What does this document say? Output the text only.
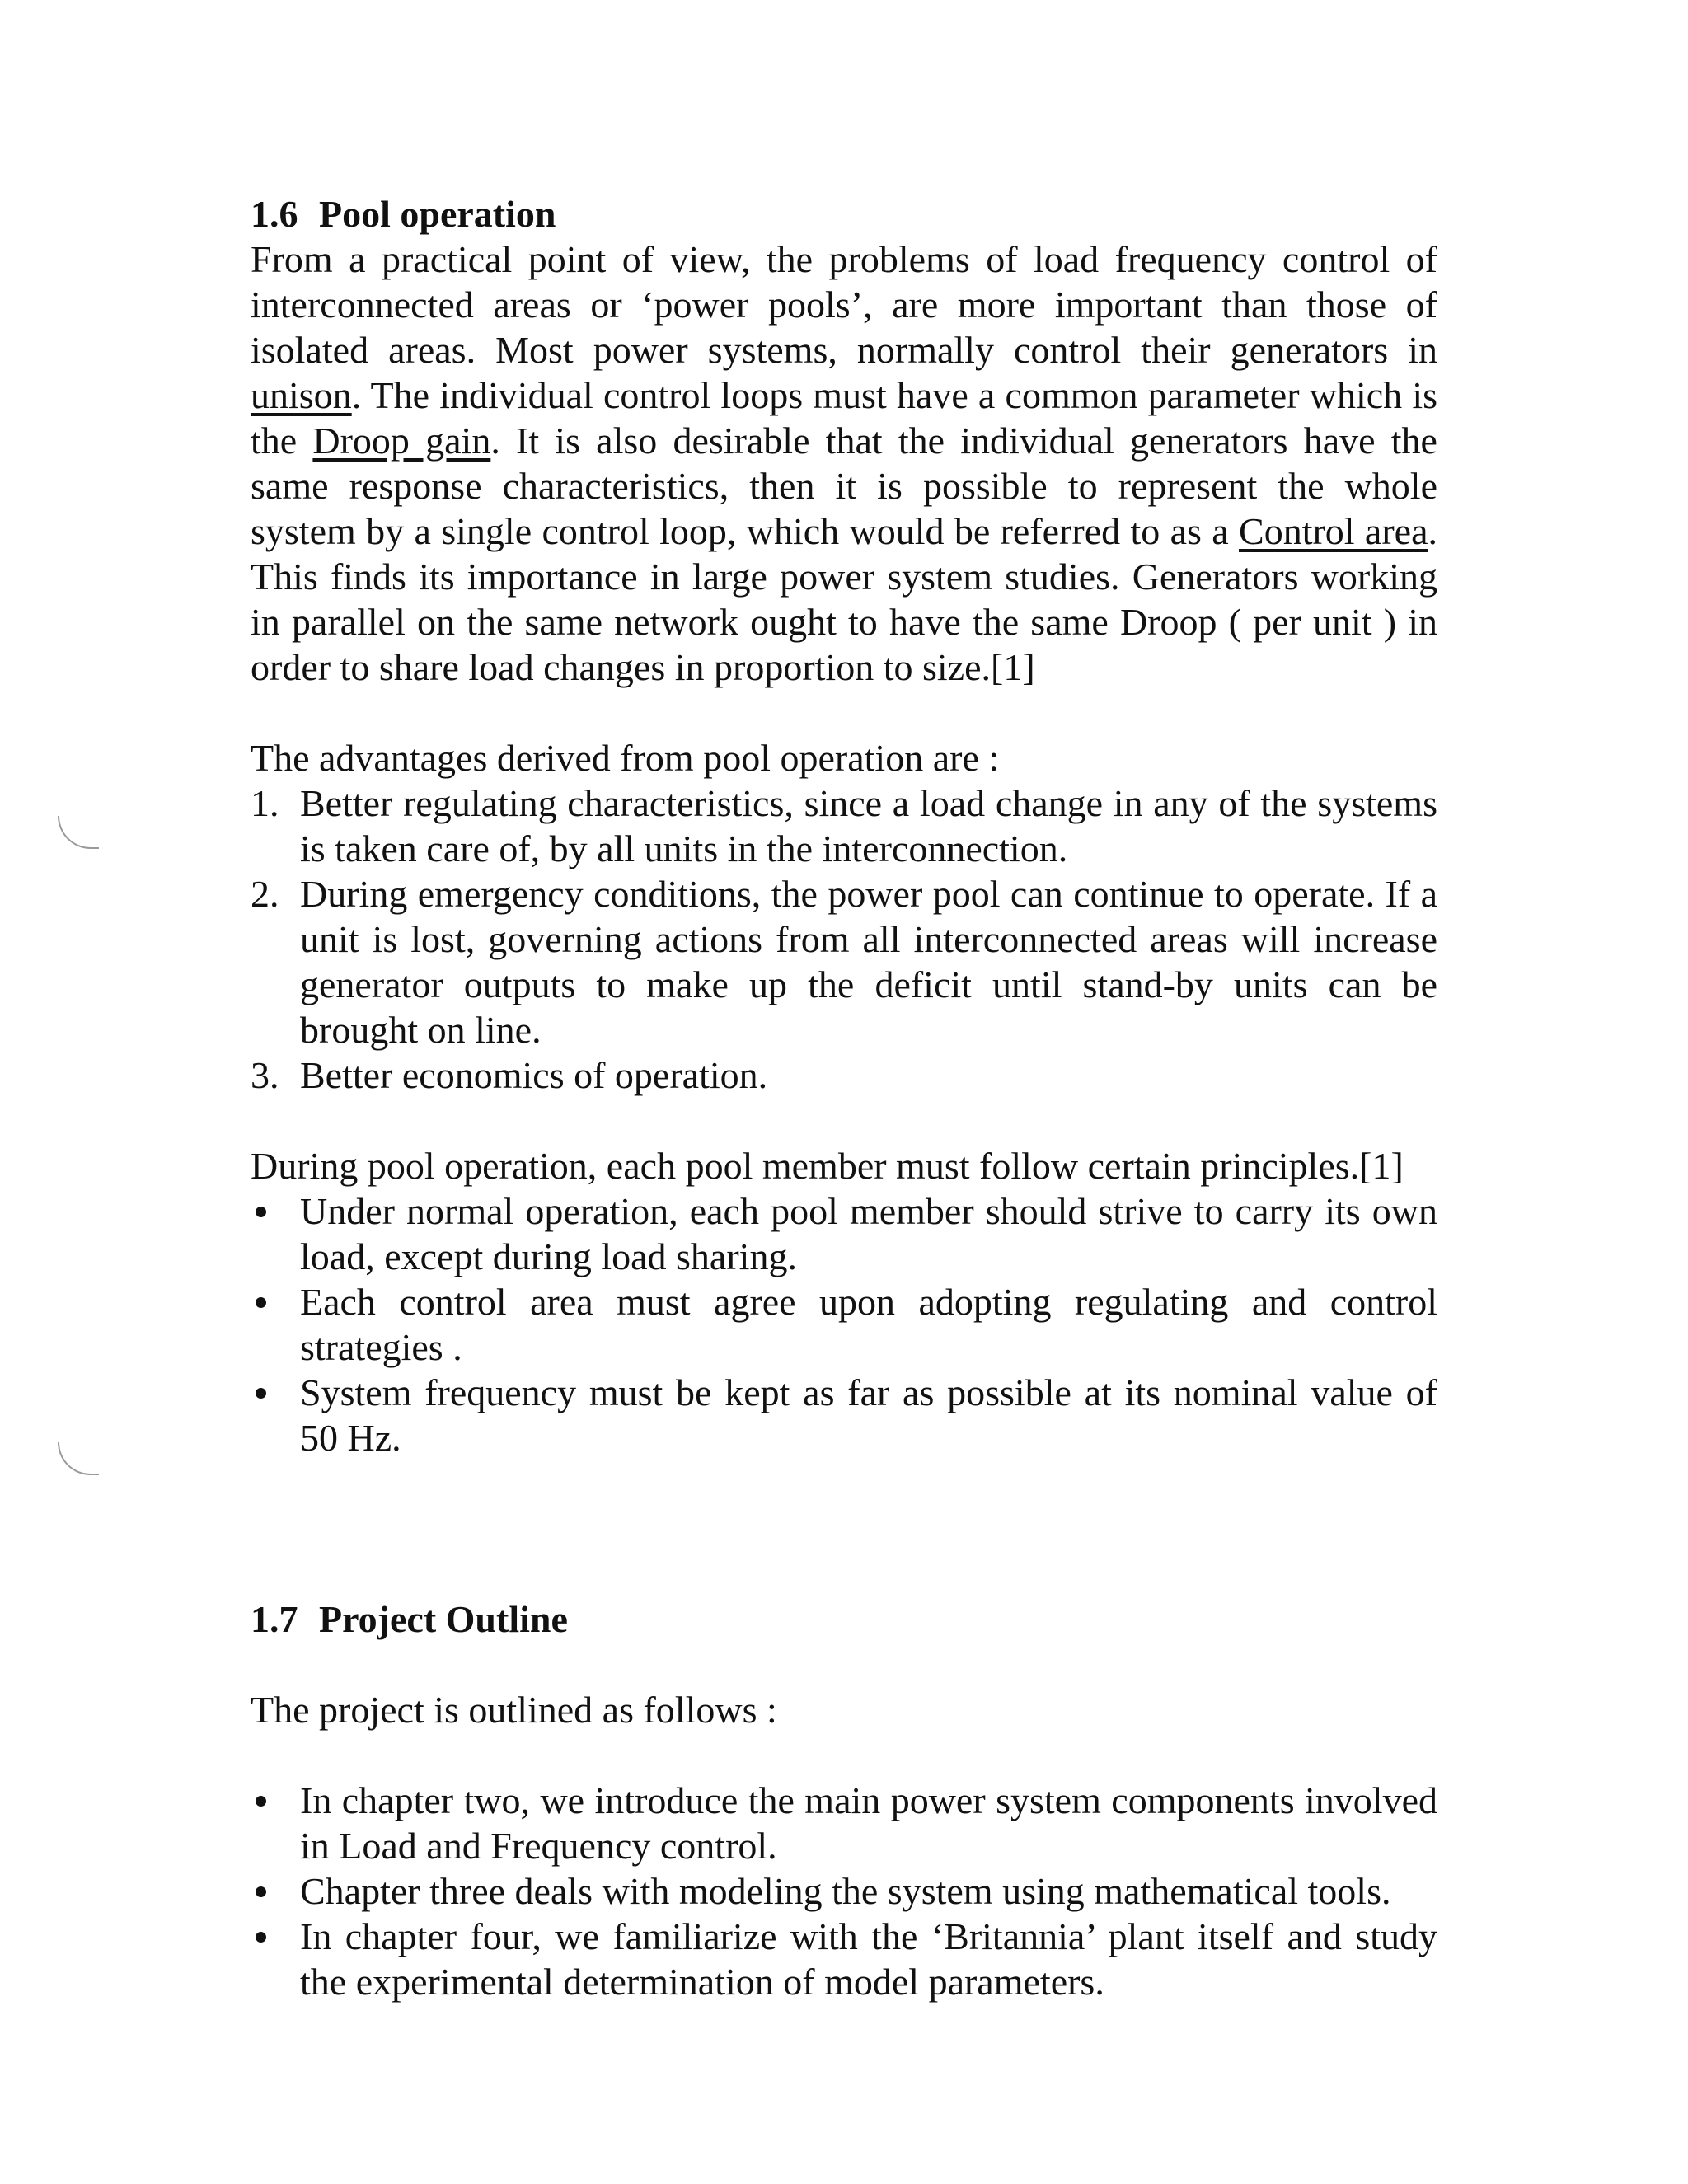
1.6 Pool operation

From a practical point of view, the problems of load frequency control of interconnected areas or ‘power pools’, are more important than those of isolated areas. Most power systems, normally control their generators in unison. The individual control loops must have a common parameter which is the Droop gain. It is also desirable that the individual generators have the same response characteristics, then it is possible to represent the whole system by a single control loop, which would be referred to as a Control area. This finds its importance in large power system studies. Generators working in parallel on the same network ought to have the same Droop ( per unit ) in order to share load changes in proportion to size.[1]

The advantages derived from pool operation are :

1. Better regulating characteristics, since a load change in any of the systems is taken care of, by all units in the interconnection.
2. During emergency conditions, the power pool can continue to operate. If a unit is lost, governing actions from all interconnected areas will increase generator outputs to make up the deficit until stand-by units can be brought on line.
3. Better economics of operation.

During pool operation, each pool member must follow certain principles.[1]

Under normal operation, each pool member should strive to carry its own load, except during load sharing.
Each control area must agree upon adopting regulating and control strategies .
System frequency must be kept as far as possible at its nominal value of 50 Hz.
1.7 Project Outline

The project is outlined as follows :

In chapter two, we introduce the main power system components involved in Load and Frequency control.
Chapter three deals with modeling the system using mathematical tools.
In chapter four, we familiarize with the ‘Britannia’ plant itself and study the experimental determination of model parameters.
